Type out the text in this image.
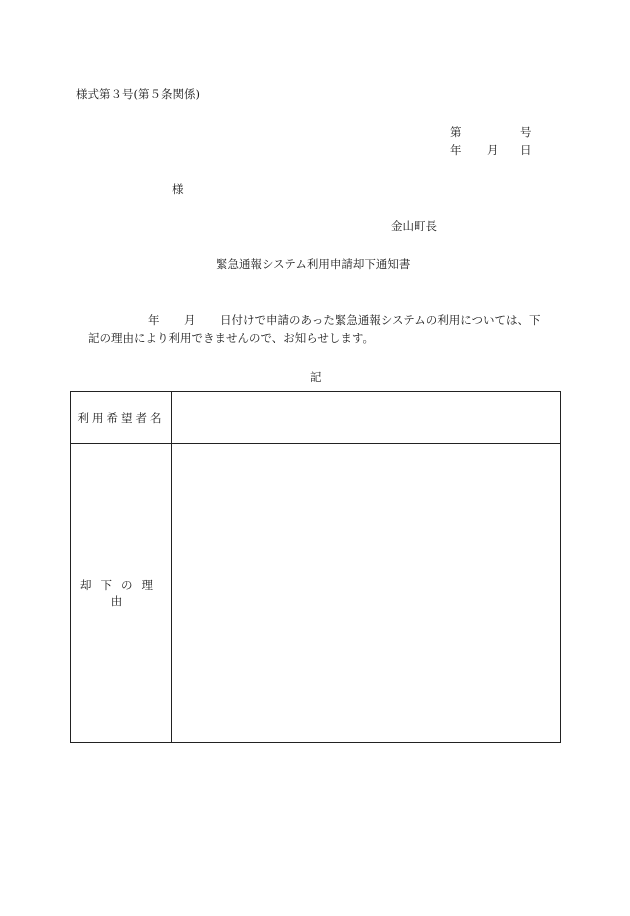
様式第３号(第５条関係)
第	号
年 月 日
様
金山町長
緊急通報システム利用申請却下通知書
年 月 日付けで申請のあった緊急通報システムの利用については、下
記の理由により利用できませんので、お知らせします。
記
利用希望者名	
却下の理由	
